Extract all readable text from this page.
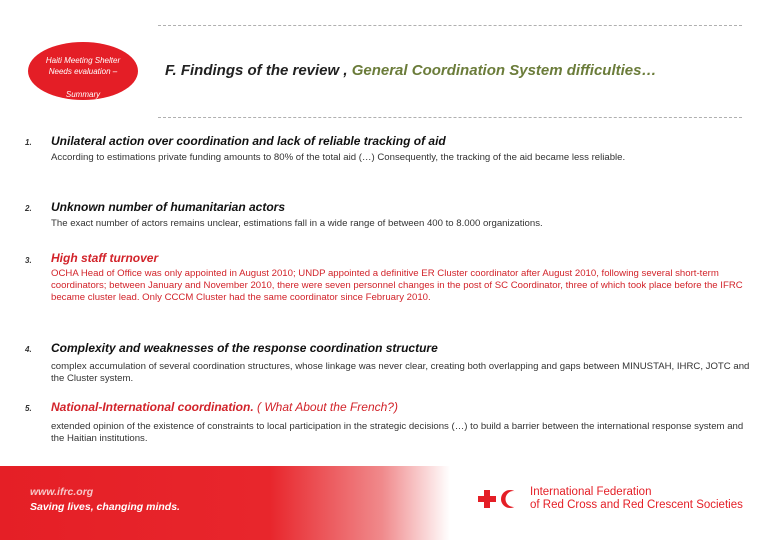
Haiti Meeting Shelter
Needs evaluation –
Summary
F. Findings of the review , General Coordination System difficulties…
1. Unilateral action over coordination and lack of reliable tracking of aid
According to estimations private funding amounts to 80% of the total aid (…) Consequently, the tracking of the aid became less reliable.
2. Unknown number of humanitarian actors
The exact number of actors remains unclear, estimations fall in a wide range of between 400 to 8.000 organizations.
3. High staff turnover
OCHA Head of Office was only appointed in August 2010; UNDP appointed a definitive ER Cluster coordinator after August 2010, following several short-term coordinators; between January and November 2010, there were seven personnel changes in the post of SC Coordinator, three of which took place before the IFRC became cluster lead. Only CCCM Cluster had the same coordinator since February 2010.
4. Complexity and weaknesses of the response coordination structure
complex accumulation of several coordination structures, whose linkage was never clear, creating both overlapping and gaps between MINUSTAH, IHRC, JOTC and the Cluster system.
5. National-International coordination. ( What About the French?)
extended opinion of the existence of constraints to local participation in the strategic decisions (…) to build a barrier between the international response system and the Haitian institutions.
www.ifrc.org
Saving lives, changing minds.
International Federation
of Red Cross and Red Crescent Societies
